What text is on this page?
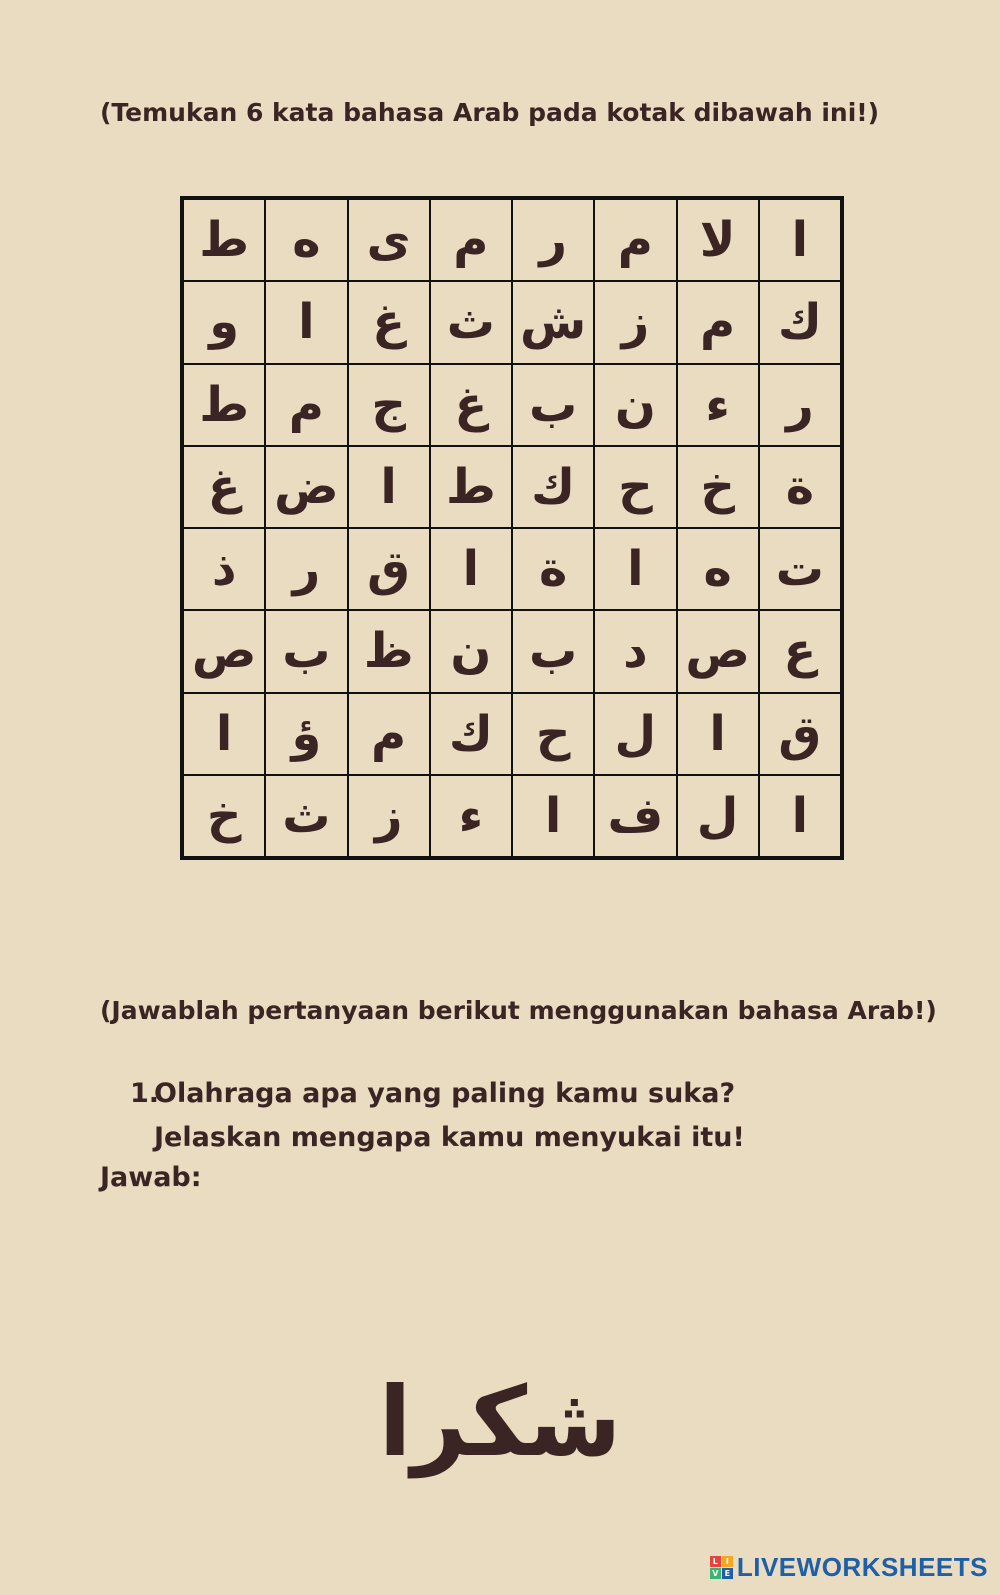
(Temukan 6 kata bahasa Arab pada kotak dibawah ini!)
ا
لا
م
ر
م
ى
ه
ط
ك
م
ز
ش
ث
غ
ا
و
ر
ء
ن
ب
غ
ج
م
ط
ة
خ
ح
ك
ط
ا
ض
غ
ت
ه
ا
ة
ا
ق
ر
ذ
ع
ص
د
ب
ن
ظ
ب
ص
ق
ا
ل
ح
ك
م
ؤ
ا
ا
ل
ف
ا
ء
ز
ث
خ
(Jawablah pertanyaan berikut menggunakan bahasa Arab!)
1.
Olahraga apa yang paling kamu suka? Jelaskan mengapa kamu menyukai itu!
Jawab:
شكرا
L I
V E LIVEWORKSHEETS
